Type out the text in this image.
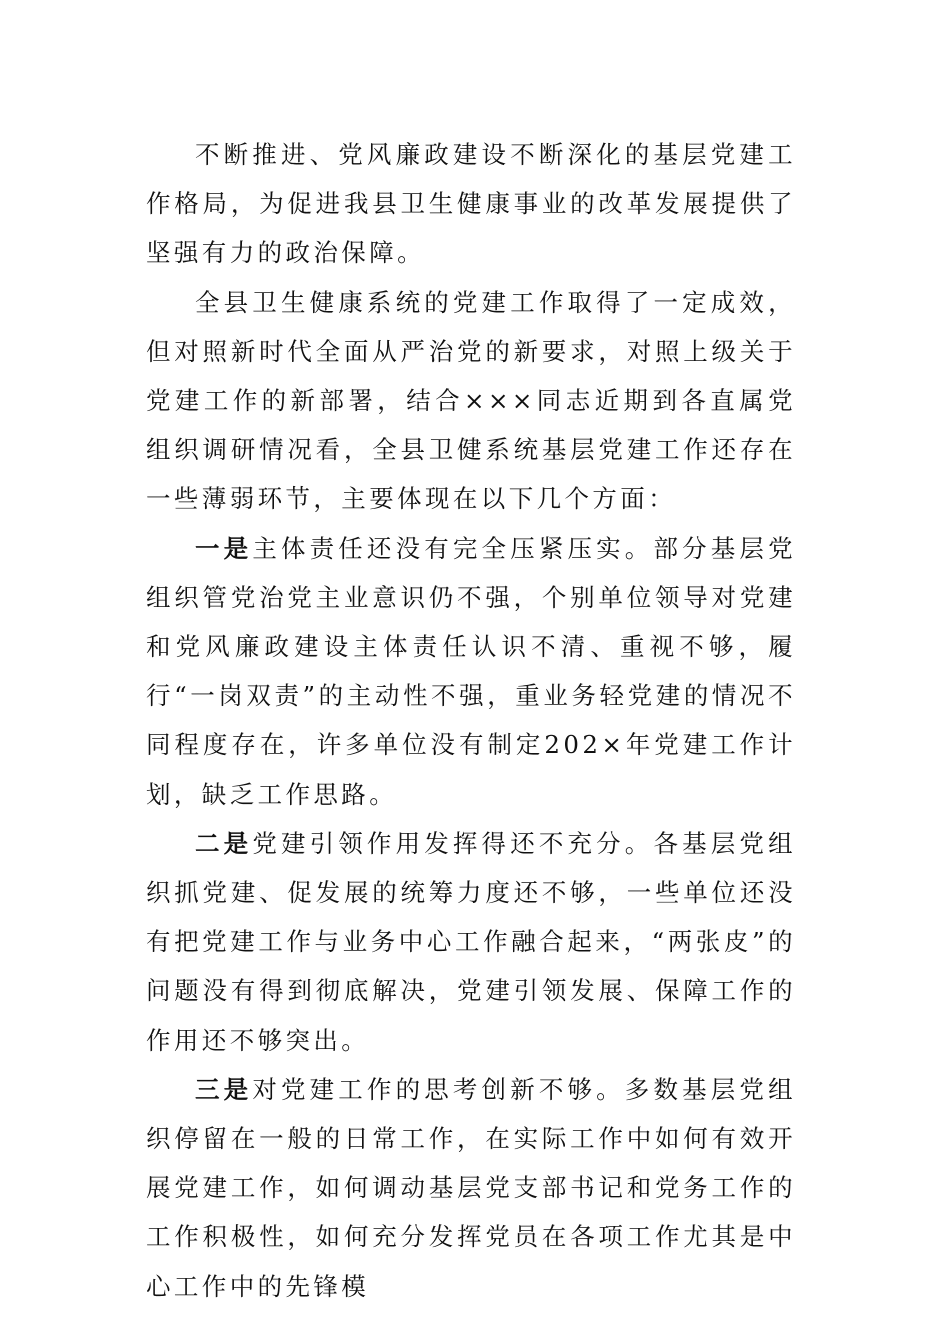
不断推进、党风廉政建设不断深化的基层党建工作格局，为促进我县卫生健康事业的改革发展提供了坚强有力的政治保障。

全县卫生健康系统的党建工作取得了一定成效，但对照新时代全面从严治党的新要求，对照上级关于党建工作的新部署，结合×××同志近期到各直属党组织调研情况看，全县卫健系统基层党建工作还存在一些薄弱环节，主要体现在以下几个方面：

一是主体责任还没有完全压紧压实。部分基层党组织管党治党主业意识仍不强，个别单位领导对党建和党风廉政建设主体责任认识不清、重视不够，履行“一岗双责”的主动性不强，重业务轻党建的情况不同程度存在，许多单位没有制定202×年党建工作计划，缺乏工作思路。

二是党建引领作用发挥得还不充分。各基层党组织抓党建、促发展的统筹力度还不够，一些单位还没有把党建工作与业务中心工作融合起来，“两张皮”的问题没有得到彻底解决，党建引领发展、保障工作的作用还不够突出。

三是对党建工作的思考创新不够。多数基层党组织停留在一般的日常工作，在实际工作中如何有效开展党建工作，如何调动基层党支部书记和党务工作的工作积极性，如何充分发挥党员在各项工作尤其是中心工作中的先锋模
